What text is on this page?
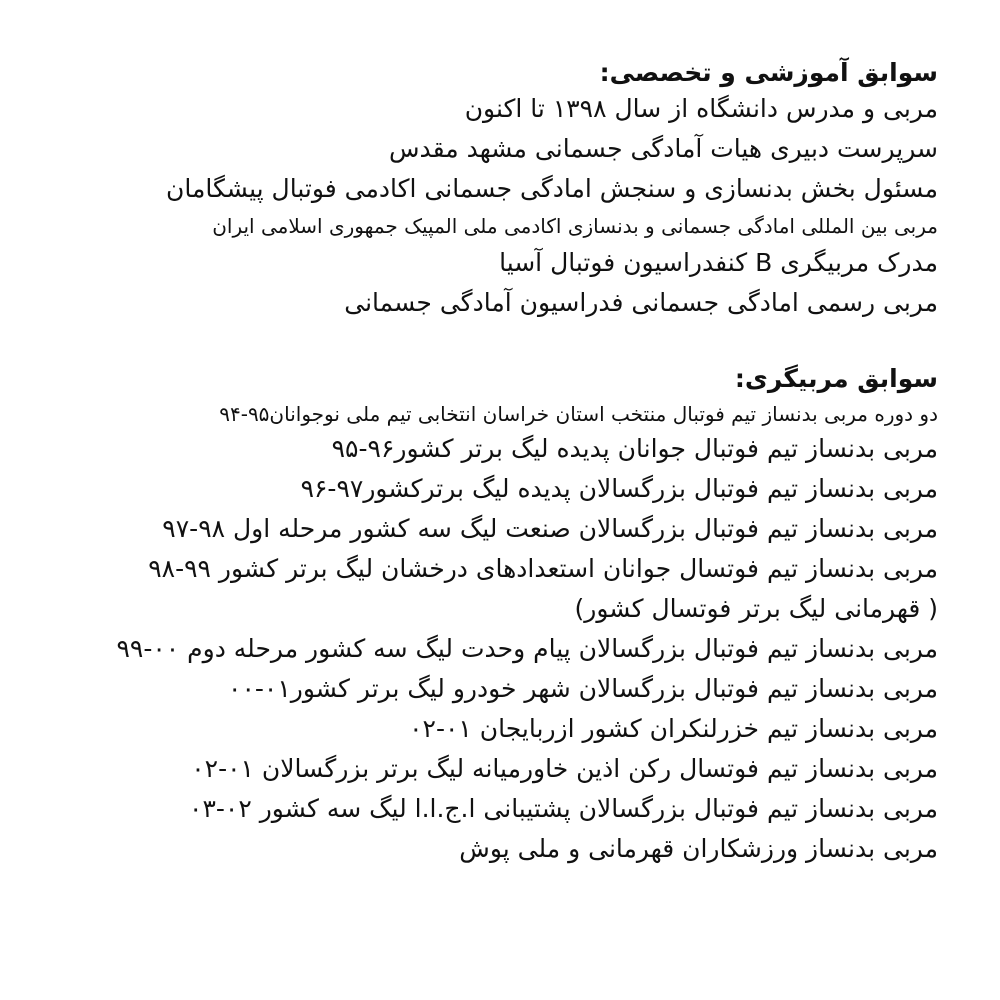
سوابق آموزشی و تخصصی:
مربی و مدرس دانشگاه از سال ۱۳۹۸ تا اکنون
سرپرست دبیری هیات آمادگی جسمانی مشهد مقدس
مسئول بخش بدنسازی و سنجش امادگی جسمانی اکادمی فوتبال پیشگامان
مربی بین المللی امادگی جسمانی و بدنسازی اکادمی ملی المپیک جمهوری اسلامی ایران
مدرک مربیگری B کنفدراسیون فوتبال آسیا
مربی رسمی امادگی جسمانی فدراسیون آمادگی جسمانی
سوابق مربیگری:
دو دوره مربی بدنساز تیم فوتبال منتخب استان خراسان انتخابی تیم ملی نوجوانان۹۵-۹۴
مربی بدنساز تیم فوتبال جوانان پدیده لیگ برتر کشور۹۶-۹۵
مربی بدنساز تیم فوتبال بزرگسالان پدیده لیگ برترکشور۹۷-۹۶
مربی بدنساز تیم فوتبال بزرگسالان صنعت لیگ سه کشور مرحله اول ۹۸-۹۷
مربی بدنساز تیم فوتسال جوانان استعدادهای درخشان لیگ برتر کشور ۹۹-۹۸
( قهرمانی لیگ برتر فوتسال کشور)
مربی بدنساز تیم فوتبال بزرگسالان پیام وحدت لیگ سه کشور مرحله دوم ۰۰-۹۹
مربی بدنساز تیم فوتبال بزرگسالان شهر خودرو لیگ برتر کشور۰۱-۰۰
مربی بدنساز تیم خزرلنکران کشور ازربایجان ۰۱-۰۲
مربی بدنساز تیم فوتسال رکن اذین خاورمیانه لیگ برتر بزرگسالان ۰۱-۰۲
مربی بدنساز تیم فوتبال بزرگسالان پشتیبانی ا.ج.ا.ا لیگ سه کشور ۰۲-۰۳
مربی بدنساز ورزشکاران قهرمانی و ملی پوش
